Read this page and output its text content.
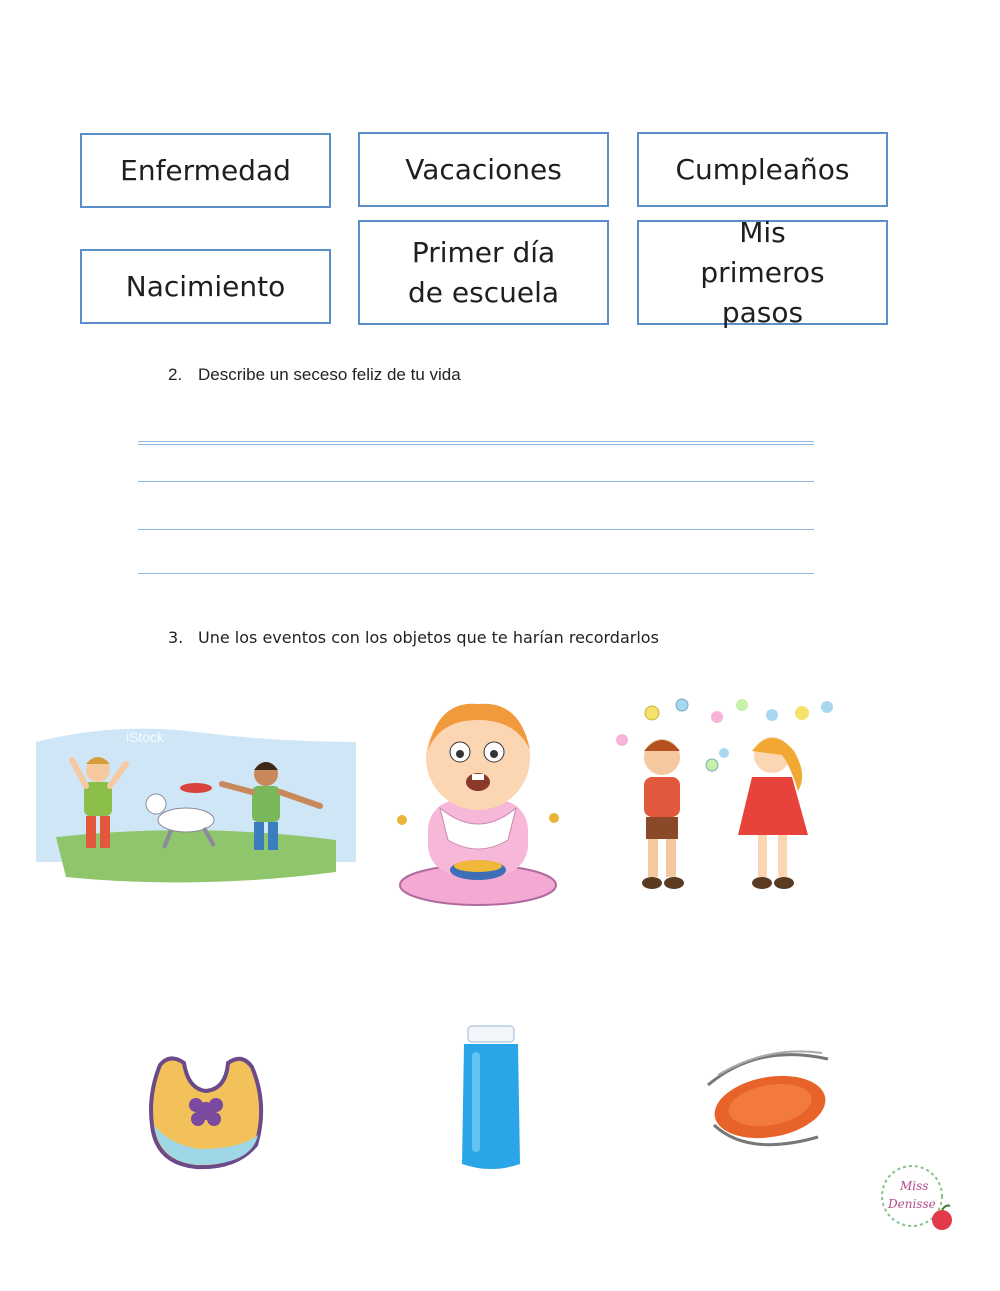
Enfermedad	Vacaciones	Cumpleaños
Nacimiento
Primer día de escuela
Mis primeros pasos
2. Describe un seceso feliz de tu vida
3. Une los eventos con los objetos que te harían recordarlos
iStock
Miss
Denisse
